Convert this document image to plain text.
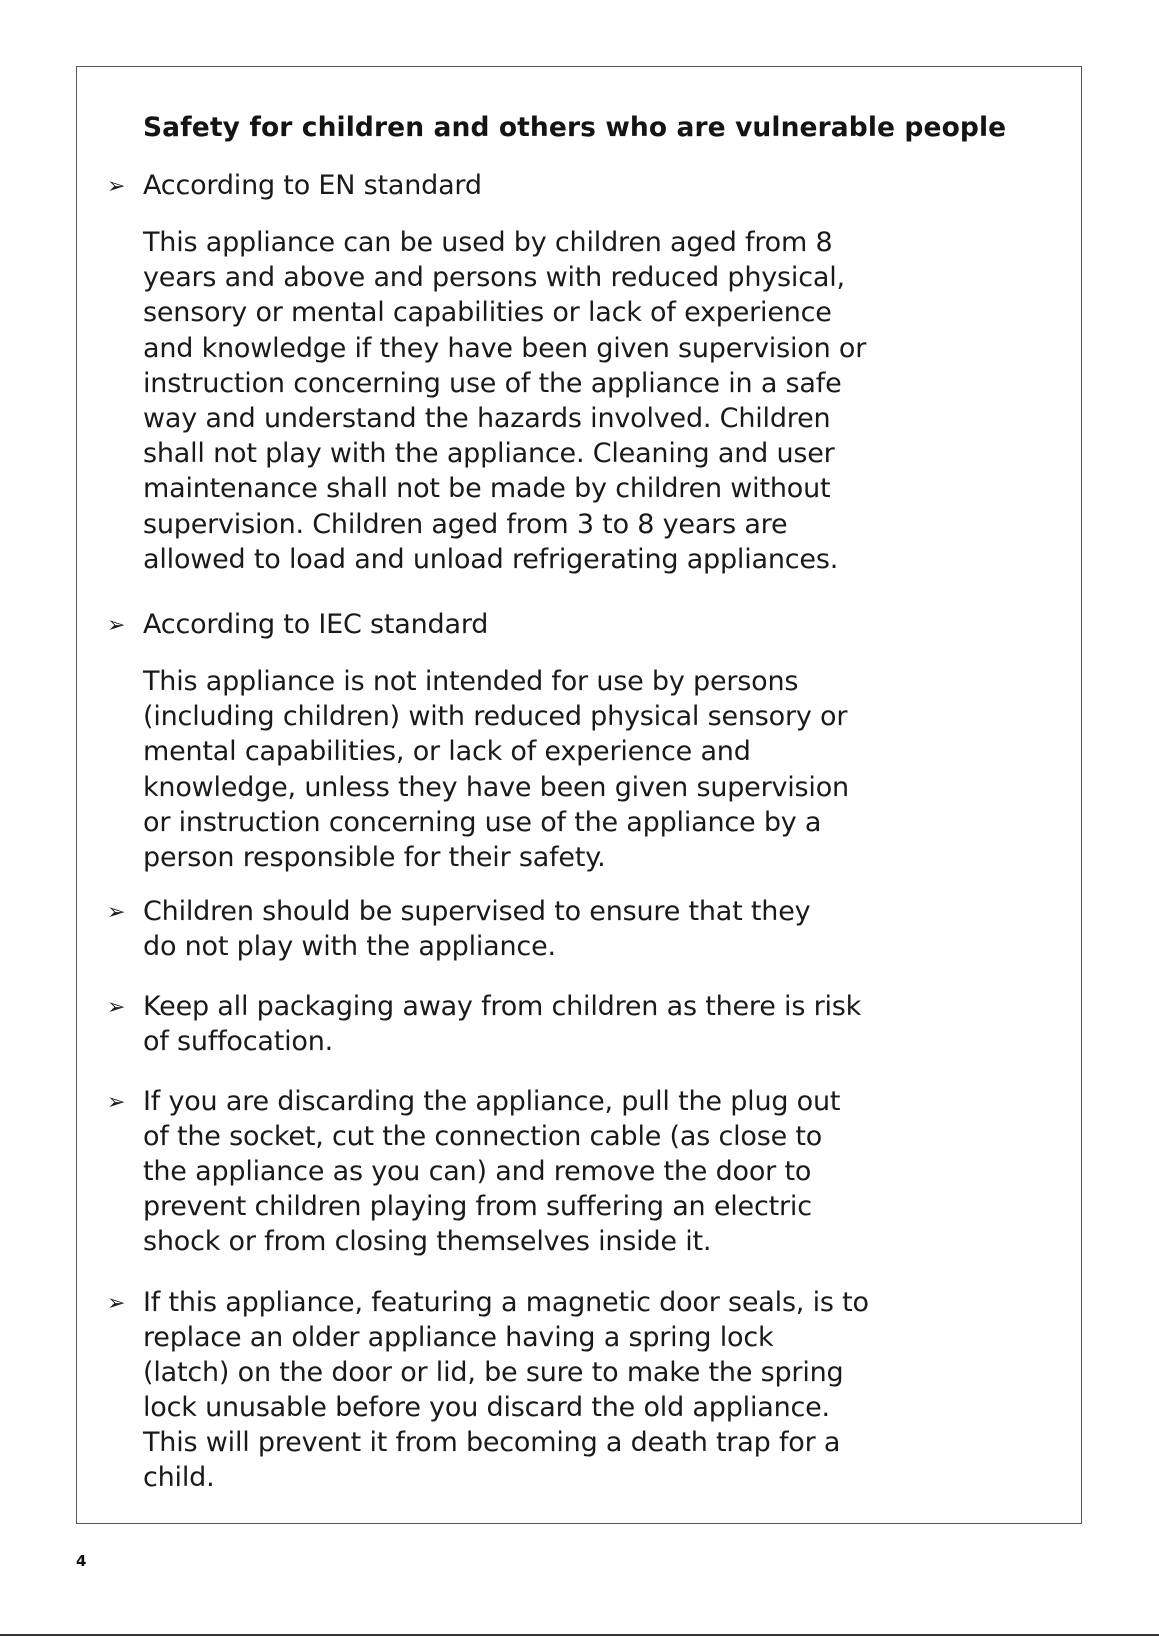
Safety for children and others who are vulnerable people
➢ According to EN standard

This appliance can be used by children aged from 8
years and above and persons with reduced physical,
sensory or mental capabilities or lack of experience
and knowledge if they have been given supervision or
instruction concerning use of the appliance in a safe
way and understand the hazards involved. Children
shall not play with the appliance. Cleaning and user
maintenance shall not be made by children without
supervision. Children aged from 3 to 8 years are
allowed to load and unload refrigerating appliances.

➢ According to IEC standard

This appliance is not intended for use by persons
(including children) with reduced physical sensory or
mental capabilities, or lack of experience and
knowledge, unless they have been given supervision
or instruction concerning use of the appliance by a
person responsible for their safety.

➢ Children should be supervised to ensure that they
do not play with the appliance.

➢ Keep all packaging away from children as there is risk
of suffocation.

➢ If you are discarding the appliance, pull the plug out
of the socket, cut the connection cable (as close to
the appliance as you can) and remove the door to
prevent children playing from suffering an electric
shock or from closing themselves inside it.

➢ If this appliance, featuring a magnetic door seals, is to
replace an older appliance having a spring lock
(latch) on the door or lid, be sure to make the spring
lock unusable before you discard the old appliance.
This will prevent it from becoming a death trap for a
child.

4
